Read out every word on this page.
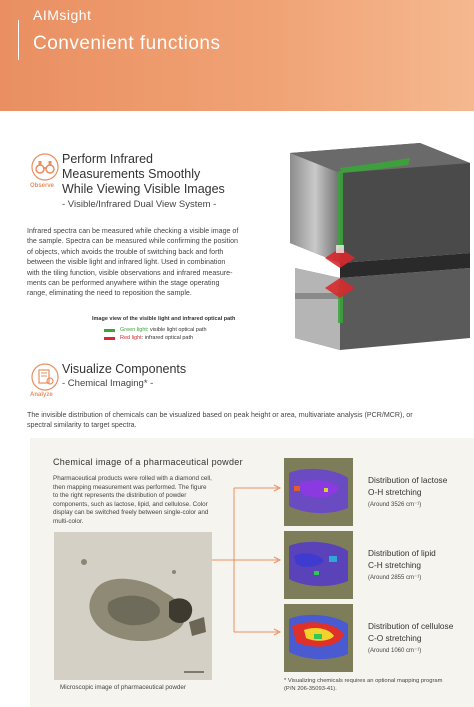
AIMsight
Convenient functions
Observe
Perform Infrared
Measurements Smoothly
While Viewing Visible Images
- Visible/Infrared Dual View System -
Infrared spectra can be measured while checking a visible image of
the sample. Spectra can be measured while confirming the position
of objects, which avoids the trouble of switching back and forth
between the visible light and infrared light. Used in combination
with the tiling function, visible observations and infrared measure-
ments can be performed anywhere within the stage operating
range, eliminating the need to reposition the sample.
Image view of the visible light and infrared optical path
Green light : visible light optical path
Red light : infrared optical path
Analyze
Visualize Components
- Chemical Imaging* -
The invisible distribution of chemicals can be visualized based on peak height or area, multivariate analysis (PCR/MCR), or
spectral similarity to target spectra.
Chemical image of a pharmaceutical powder
Pharmaceutical products were rolled with a diamond cell,
then mapping measurement was performed. The figure
to the right represents the distribution of powder
components, such as lactose, lipid, and cellulose. Color
display can be switched freely between single-color and
multi-color.
Microscopic image of pharmaceutical powder
Distribution of lactose
O-H stretching
(Around 3526 cm⁻¹)
Distribution of lipid
C-H stretching
(Around 2855 cm⁻¹)
Distribution of cellulose
C-O stretching
(Around 1060 cm⁻¹)
* Visualizing chemicals requires an optional mapping program
(P/N 206-35093-41).
